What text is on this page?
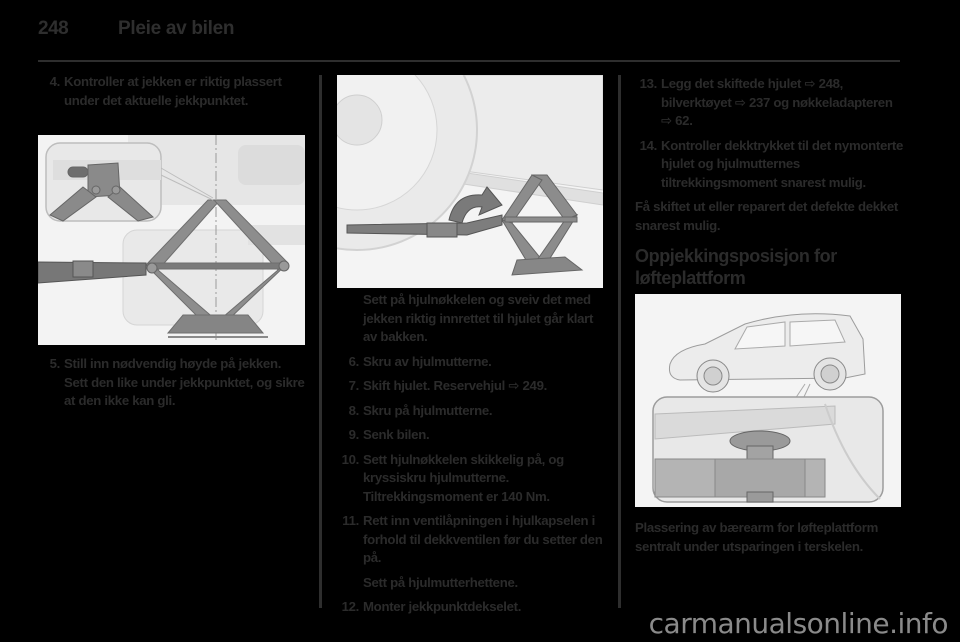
248	Pleie av bilen
4. Kontroller at jekken er riktig plassert under det aktuelle jekkpunktet.
5. Still inn nødvendig høyde på jekken. Sett den like under jekkpunktet, og sikre at den ikke kan gli.
Sett på hjulnøkkelen og sveiv det med jekken riktig innrettet til hjulet går klart av bakken.
6. Skru av hjulmutterne.
7. Skift hjulet. Reservehjul ⇨ 249.
8. Skru på hjulmutterne.
9. Senk bilen.
10. Sett hjulnøkkelen skikkelig på, og kryssiskru hjulmutterne. Tiltrekkingsmoment er 140 Nm.
11. Rett inn ventilåpningen i hjulkapselen i forhold til dekkventilen før du setter den på.
Sett på hjulmutterhettene.
12. Monter jekkpunktdekselet.
13. Legg det skiftede hjulet ⇨ 248, bilverktøyet ⇨ 237 og nøkkeladapteren ⇨ 62.
14. Kontroller dekktrykket til det nymonterte hjulet og hjulmutternes tiltrekkingsmoment snarest mulig.
Få skiftet ut eller reparert det defekte dekket snarest mulig.
Oppjekkingsposisjon for løfteplattform
Plassering av bærearm for løfteplattform sentralt under utsparingen i terskelen.
carmanualsonline.info
